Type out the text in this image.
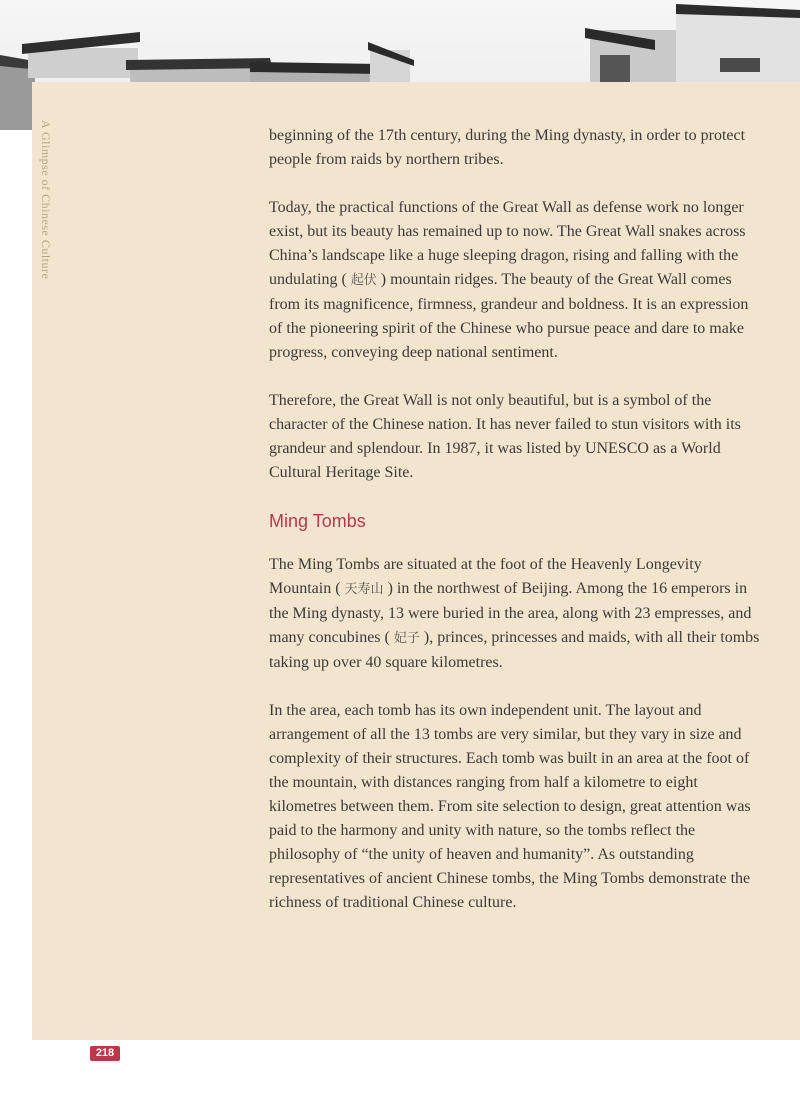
A Glimpse of Chinese Culture	beginning of the 17th century, during the Ming dynasty, in order to protect people from raids by northern tribes.

Today, the practical functions of the Great Wall as defense work no longer exist, but its beauty has remained up to now. The Great Wall snakes across China’s landscape like a huge sleeping dragon, rising and falling with the undulating ( 起伏 ) mountain ridges. The beauty of the Great Wall comes from its magnificence, firmness, grandeur and boldness. It is an expression of the pioneering spirit of the Chinese who pursue peace and dare to make progress, conveying deep national sentiment.

Therefore, the Great Wall is not only beautiful, but is a symbol of the character of the Chinese nation. It has never failed to stun visitors with its grandeur and splendour. In 1987, it was listed by UNESCO as a World Cultural Heritage Site.

Ming Tombs

The Ming Tombs are situated at the foot of the Heavenly Longevity Mountain ( 天寿山 ) in the northwest of Beijing. Among the 16 emperors in the Ming dynasty, 13 were buried in the area, along with 23 empresses, and many concubines ( 妃子 ), princes, princesses and maids, with all their tombs taking up over 40 square kilometres.

In the area, each tomb has its own independent unit. The layout and arrangement of all the 13 tombs are very similar, but they vary in size and complexity of their structures. Each tomb was built in an area at the foot of the mountain, with distances ranging from half a kilometre to eight kilometres between them. From site selection to design, great attention was paid to the harmony and unity with nature, so the tombs reflect the philosophy of “the unity of heaven and humanity”. As outstanding representatives of ancient Chinese tombs, the Ming Tombs demonstrate the richness of traditional Chinese culture.

218
